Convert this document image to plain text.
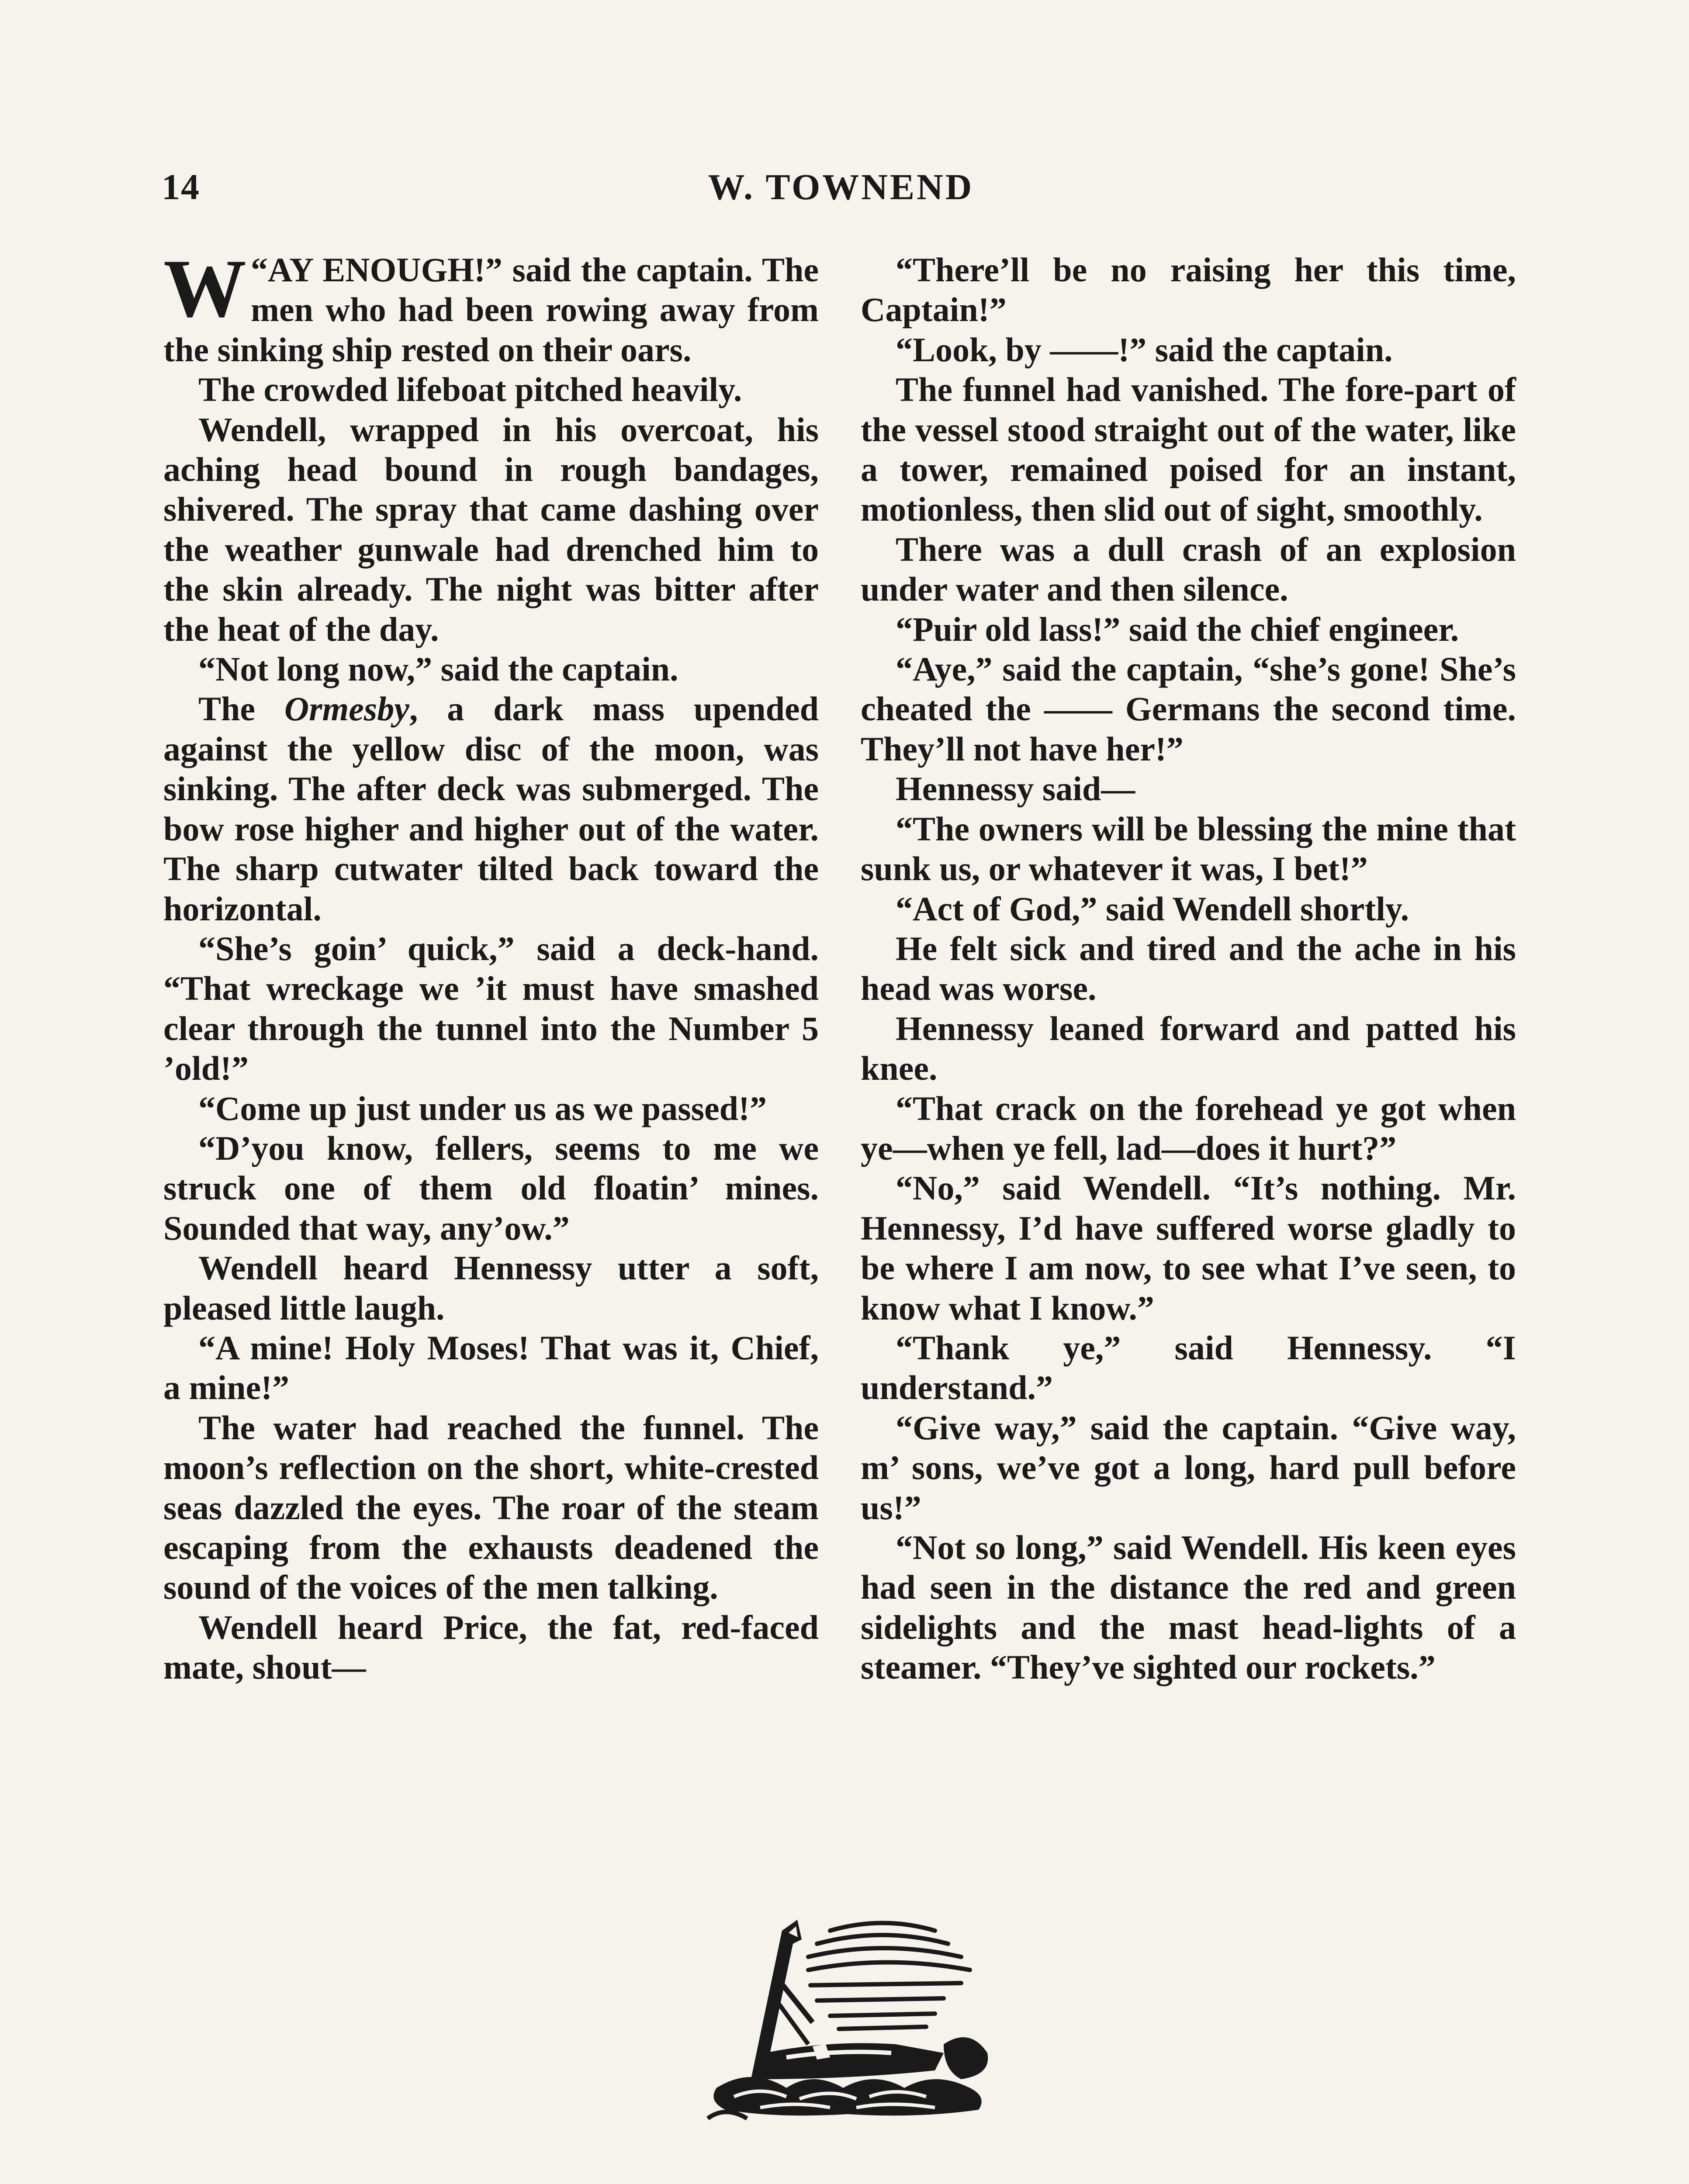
14	W. TOWNEND

“
W AY ENOUGH!” said the captain. The men who had been rowing away from the sinking ship rested on their oars.

The crowded lifeboat pitched heavily.

Wendell, wrapped in his overcoat, his aching head bound in rough bandages, shivered. The spray that came dashing over the weather gunwale had drenched him to the skin already. The night was bitter after the heat of the day.

“Not long now,” said the captain.

The Ormesby, a dark mass upended against the yellow disc of the moon, was sinking. The after deck was submerged. The bow rose higher and higher out of the water. The sharp cutwater tilted back toward the horizontal.

“She’s goin’ quick,” said a deck-hand. “That wreckage we ’it must have smashed clear through the tunnel into the Number 5 ’old!”

“Come up just under us as we passed!”

“D’you know, fellers, seems to me we struck one of them old floatin’ mines. Sounded that way, any’ow.”

Wendell heard Hennessy utter a soft, pleased little laugh.

“A mine! Holy Moses! That was it, Chief, a mine!”

The water had reached the funnel. The moon’s reflection on the short, white-crested seas dazzled the eyes. The roar of the steam escaping from the exhausts deadened the sound of the voices of the men talking.

Wendell heard Price, the fat, red-faced mate, shout—

“There’ll be no raising her this time, Captain!”

“Look, by ——!” said the captain.

The funnel had vanished. The fore-part of the vessel stood straight out of the water, like a tower, remained poised for an instant, motionless, then slid out of sight, smoothly.

There was a dull crash of an explosion under water and then silence.

“Puir old lass!” said the chief engineer.

“Aye,” said the captain, “she’s gone! She’s cheated the —— Germans the second time. They’ll not have her!”

Hennessy said—

“The owners will be blessing the mine that sunk us, or whatever it was, I bet!”

“Act of God,” said Wendell shortly.

He felt sick and tired and the ache in his head was worse.

Hennessy leaned forward and patted his knee.

“That crack on the forehead ye got when ye—when ye fell, lad—does it hurt?”

“No,” said Wendell. “It’s nothing. Mr. Hennessy, I’d have suffered worse gladly to be where I am now, to see what I’ve seen, to know what I know.”

“Thank ye,” said Hennessy. “I understand.”

“Give way,” said the captain. “Give way, m’ sons, we’ve got a long, hard pull before us!”

“Not so long,” said Wendell. His keen eyes had seen in the distance the red and green sidelights and the mast head-lights of a steamer. “They’ve sighted our rockets.”
